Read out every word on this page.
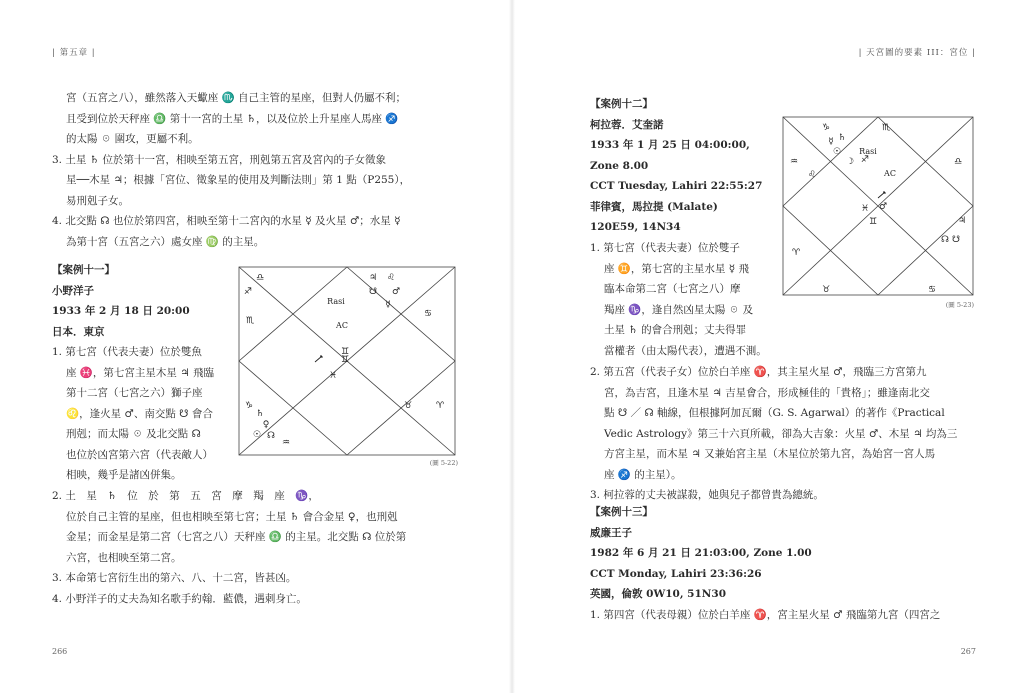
| 第五章 |
宮（五宮之八），雖然落入天蠍座 ♏ 自己主管的星座，但對人仍屬不利；
且受到位於天秤座 ♎ 第十一宮的土星 ♄，以及位於上升星座人馬座 ♐
的太陽 ☉ 圍攻，更屬不利。
3. 土星 ♄ 位於第十一宮，相映至第五宮，刑剋第五宮及宮內的子女徵象
星──木星 ♃；根據「宮位、徵象星的使用及判斷法則」第 1 點（P255），
易刑剋子女。
4. 北交點 ☊ 也位於第四宮，相映至第十二宮內的水星 ☿ 及火星 ♂；水星 ☿
為第十宮（五宮之六）處女座 ♍ 的主星。
【案例十一】
小野洋子
1933 年 2 月 18 日 20:00
日本．東京
1. 第七宮（代表夫妻）位於雙魚
座 ♓，第七宮主星木星 ♃ 飛臨
第十二宮（七宮之六）獅子座
♌，逢火星 ♂、南交點 ☋ 會合
刑剋；而太陽 ☉ 及北交點 ☊
也位於凶宮第六宮（代表敵人）
相映，幾乎是諸凶併集。
2. 土　星　♄　位　於　第　五　宮　摩　羯　座　♑，
位於自己主管的星座，但也相映至第七宮；土星 ♄ 會合金星 ♀，也刑剋
金星；而金星是第二宮（七宮之八）天秤座 ♎ 的主星。北交點 ☊ 位於第
六宮，也相映至第二宮。
3. 本命第七宮衍生出的第六、八、十二宮，皆甚凶。
4. 小野洋子的丈夫為知名歌手約翰．藍儂，遇刺身亡。
♎	♃ ♌
♋
♐
♊
☋ ♂
♏
☿
♊
♓
♑
♄
♀
☉ ☊
♉
♒
♈
Rasi
AC
(圖 5-22)
266
| 天宮圖的要素 III：宮位 |
【案例十二】
柯拉蓉．艾奎諾
1933 年 1 月 25 日 04:00:00,
Zone 8.00
CCT Tuesday, Lahiri 22:55:27
菲律賓，馬拉提 (Malate)
120E59, 14N34
1. 第七宮（代表夫妻）位於雙子
座 ♊，第七宮的主星水星 ☿ 飛
臨本命第二宮（七宮之八）摩
羯座 ♑，逢自然凶星太陽 ☉ 及
土星 ♄ 的會合刑剋；丈夫得罪
當權者（由太陽代表），遭遇不測。
2. 第五宮（代表子女）位於白羊座 ♈，其主星火星 ♂，飛臨三方宮第九
宮，為吉宮，且逢木星 ♃ 吉星會合，形成極佳的「貴格」；雖逢南北交
點 ☋ ／ ☊ 軸線，但根據阿加瓦爾（G. S. Agarwal）的著作《Practical
Vedic Astrology》第三十六頁所載，卻為大吉象：火星 ♂、木星 ♃ 均為三
方宮主星，而木星 ♃ 又兼始宮主星（木星位於第九宮，為始宮一宮人馬
座 ♐ 的主星）。
3. 柯拉蓉的丈夫被謀殺，她與兒子都曾貴為總統。
【案例十三】
威廉王子
1982 年 6 月 21 日 21:03:00, Zone 1.00
CCT Monday, Lahiri 23:36:26
英國，倫敦 0W10, 51N30
1. 第四宮（代表母親）位於白羊座 ♈，宮主星火星 ♂ 飛臨第九宮（四宮之
♑
☿
♏
☉
♄
♐	♎
☽
♒
♌
♂
♓
♊	♃
☊
♈
♉	♋
☋
Rasi
AC
(圖 5-23)
267
